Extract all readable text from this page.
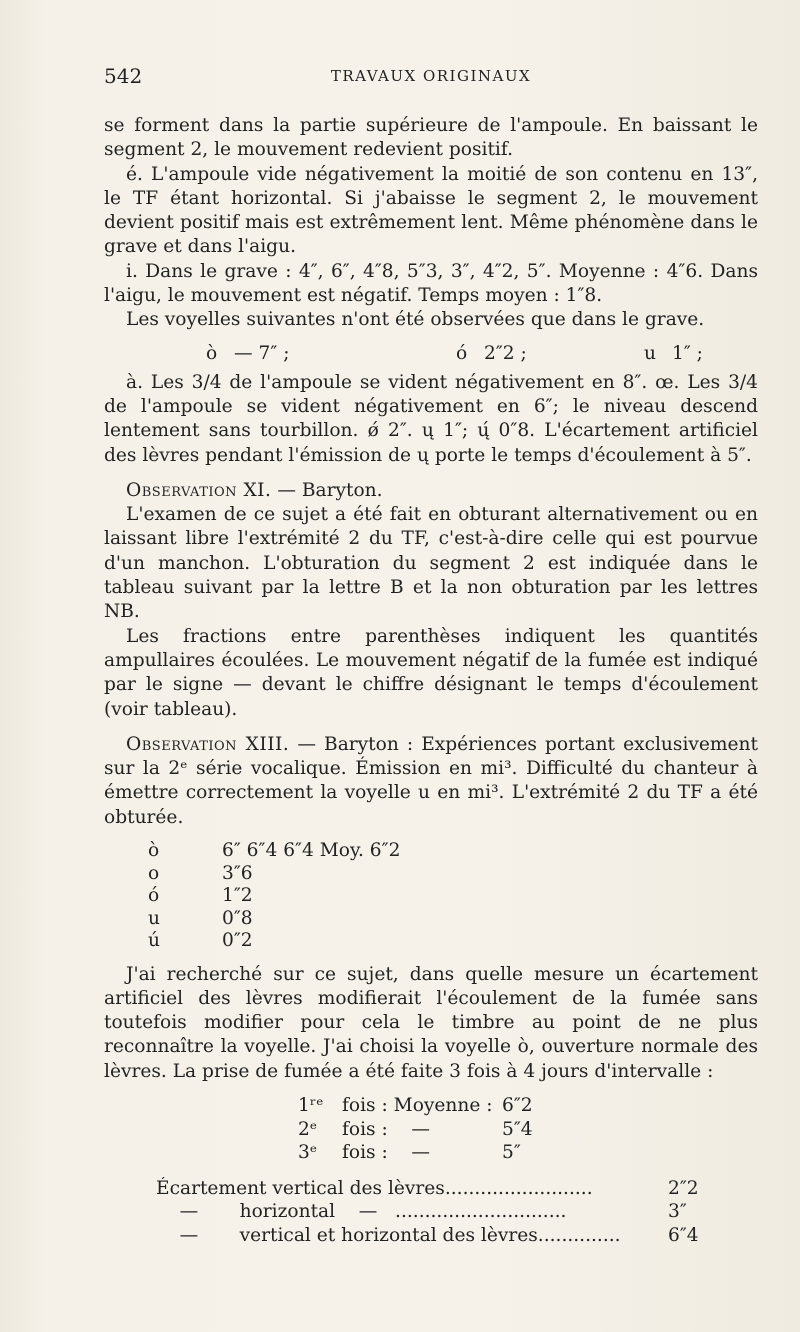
542	TRAVAUX ORIGINAUX

se forment dans la partie supérieure de l'ampoule. En baissant le segment 2, le mouvement redevient positif.

é. L'ampoule vide négativement la moitié de son contenu en 13″, le TF étant horizontal. Si j'abaisse le segment 2, le mouvement devient positif mais est extrêmement lent. Même phénomène dans le grave et dans l'aigu.

i. Dans le grave : 4″, 6″, 4″8, 5″3, 3″, 4″2, 5″. Moyenne : 4″6. Dans l'aigu, le mouvement est négatif. Temps moyen : 1″8.

Les voyelles suivantes n'ont été observées que dans le grave.

ò — 7″ ;	ó 2″2 ;	u 1″ ;

à. Les 3/4 de l'ampoule se vident négativement en 8″. œ. Les 3/4 de l'ampoule se vident négativement en 6″; le niveau descend lentement sans tourbillon. ǿ 2″. ų 1″; ų́ 0″8. L'écartement artificiel des lèvres pendant l'émission de ų porte le temps d'écoulement à 5″.

Observation XI. — Baryton.

L'examen de ce sujet a été fait en obturant alternativement ou en laissant libre l'extrémité 2 du TF, c'est-à-dire celle qui est pourvue d'un manchon. L'obturation du segment 2 est indiquée dans le tableau suivant par la lettre B et la non obturation par les lettres NB.

Les fractions entre parenthèses indiquent les quantités ampullaires écoulées. Le mouvement négatif de la fumée est indiqué par le signe — devant le chiffre désignant le temps d'écoulement (voir tableau).

Observation XIII. — Baryton : Expériences portant exclusivement sur la 2ᵉ série vocalique. Émission en mi³. Difficulté du chanteur à émettre correctement la voyelle u en mi³. L'extrémité 2 du TF a été obturée.

ò	6″ 6″4 6″4 Moy. 6″2
o	3″6
ó	1″2
u	0″8
ú	0″2

J'ai recherché sur ce sujet, dans quelle mesure un écartement artificiel des lèvres modifierait l'écoulement de la fumée sans toutefois modifier pour cela le timbre au point de ne plus reconnaître la voyelle. J'ai choisi la voyelle ò, ouverture normale des lèvres. La prise de fumée a été faite 3 fois à 4 jours d'intervalle :

1ʳᵉ fois : Moyenne : 6″2
2ᵉ	fois :    —	5″4
3ᵉ	fois :    —	5″
Écartement vertical des lèvres.........................	2″2
—       horizontal    —   .............................	3″
—       vertical et horizontal des lèvres..............	6″4
